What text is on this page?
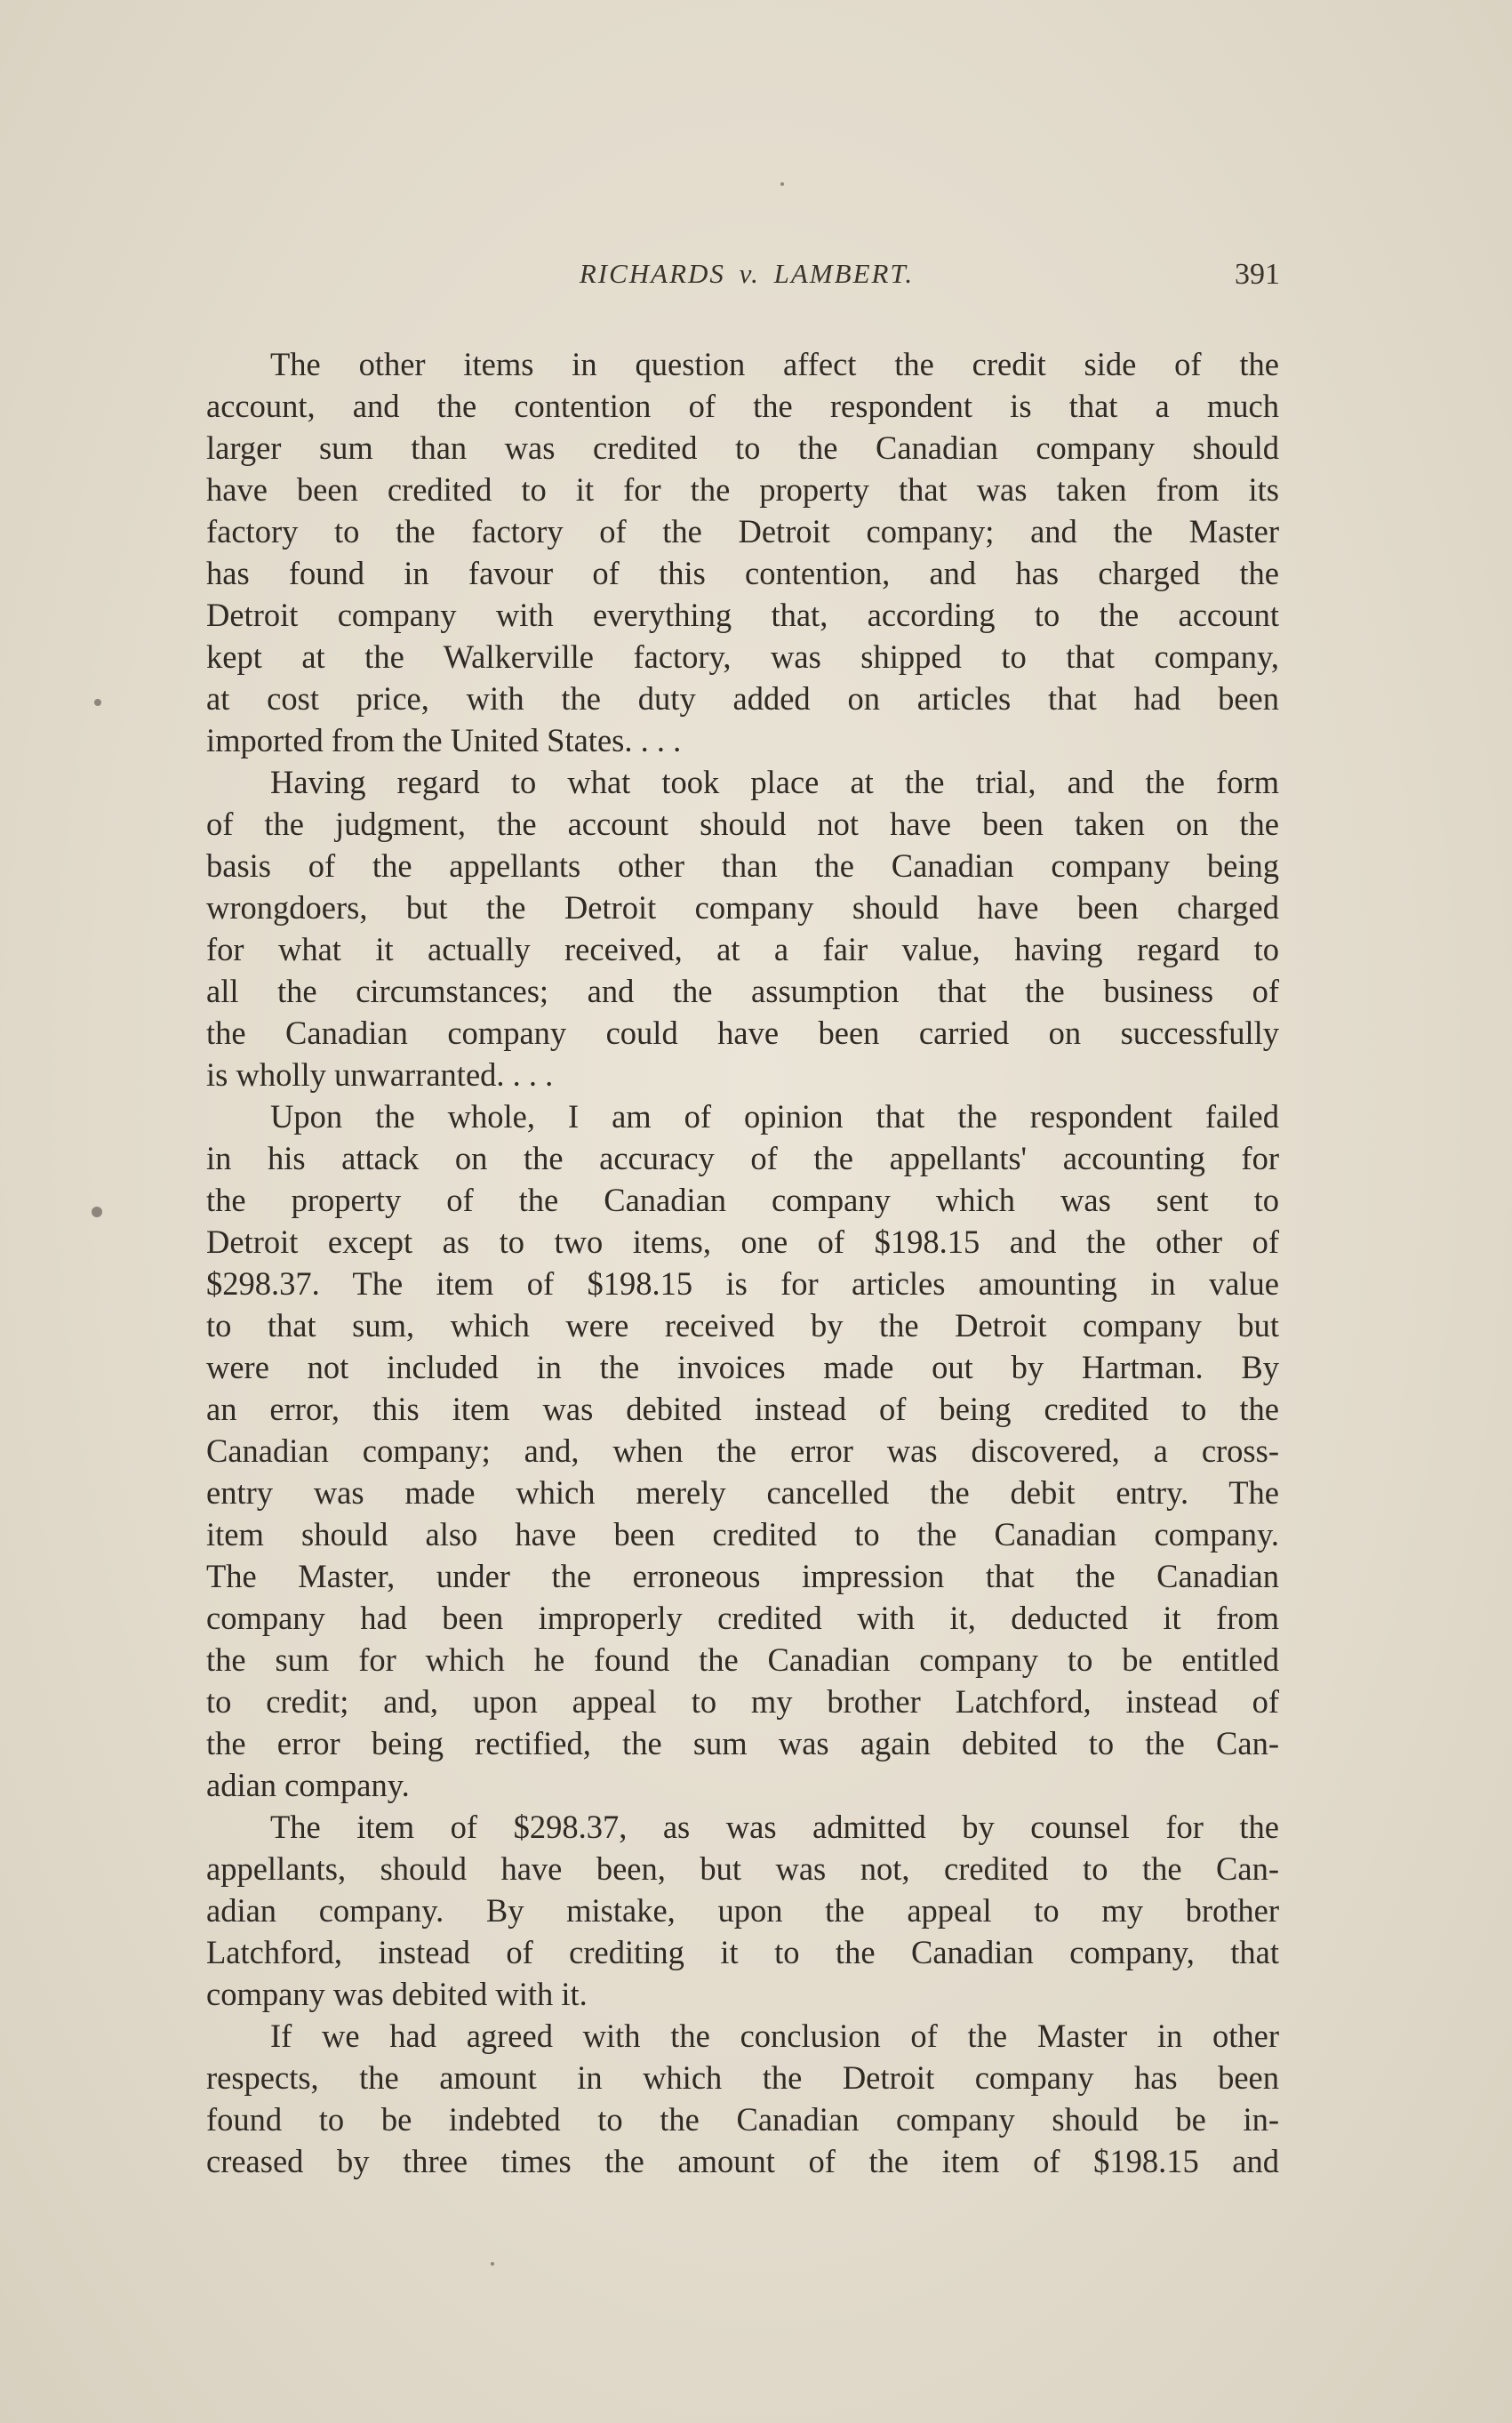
RICHARDS v. LAMBERT.	391
The other items in question affect the credit side of the
account, and the contention of the respondent is that a much
larger sum than was credited to the Canadian company should
have been credited to it for the property that was taken from its
factory to the factory of the Detroit company; and the Master
has found in favour of this contention, and has charged the
Detroit company with everything that, according to the account
kept at the Walkerville factory, was shipped to that company,
at cost price, with the duty added on articles that had been
imported from the United States. . . .
Having regard to what took place at the trial, and the form
of the judgment, the account should not have been taken on the
basis of the appellants other than the Canadian company being
wrongdoers, but the Detroit company should have been charged
for what it actually received, at a fair value, having regard to
all the circumstances; and the assumption that the business of
the Canadian company could have been carried on successfully
is wholly unwarranted. . . .
Upon the whole, I am of opinion that the respondent failed
in his attack on the accuracy of the appellants' accounting for
the property of the Canadian company which was sent to
Detroit except as to two items, one of $198.15 and the other of
$298.37. The item of $198.15 is for articles amounting in value
to that sum, which were received by the Detroit company but
were not included in the invoices made out by Hartman. By
an error, this item was debited instead of being credited to the
Canadian company; and, when the error was discovered, a cross-
entry was made which merely cancelled the debit entry. The
item should also have been credited to the Canadian company.
The Master, under the erroneous impression that the Canadian
company had been improperly credited with it, deducted it from
the sum for which he found the Canadian company to be entitled
to credit; and, upon appeal to my brother Latchford, instead of
the error being rectified, the sum was again debited to the Can-
adian company.
The item of $298.37, as was admitted by counsel for the
appellants, should have been, but was not, credited to the Can-
adian company. By mistake, upon the appeal to my brother
Latchford, instead of crediting it to the Canadian company, that
company was debited with it.
If we had agreed with the conclusion of the Master in other
respects, the amount in which the Detroit company has been
found to be indebted to the Canadian company should be in-
creased by three times the amount of the item of $198.15 and
